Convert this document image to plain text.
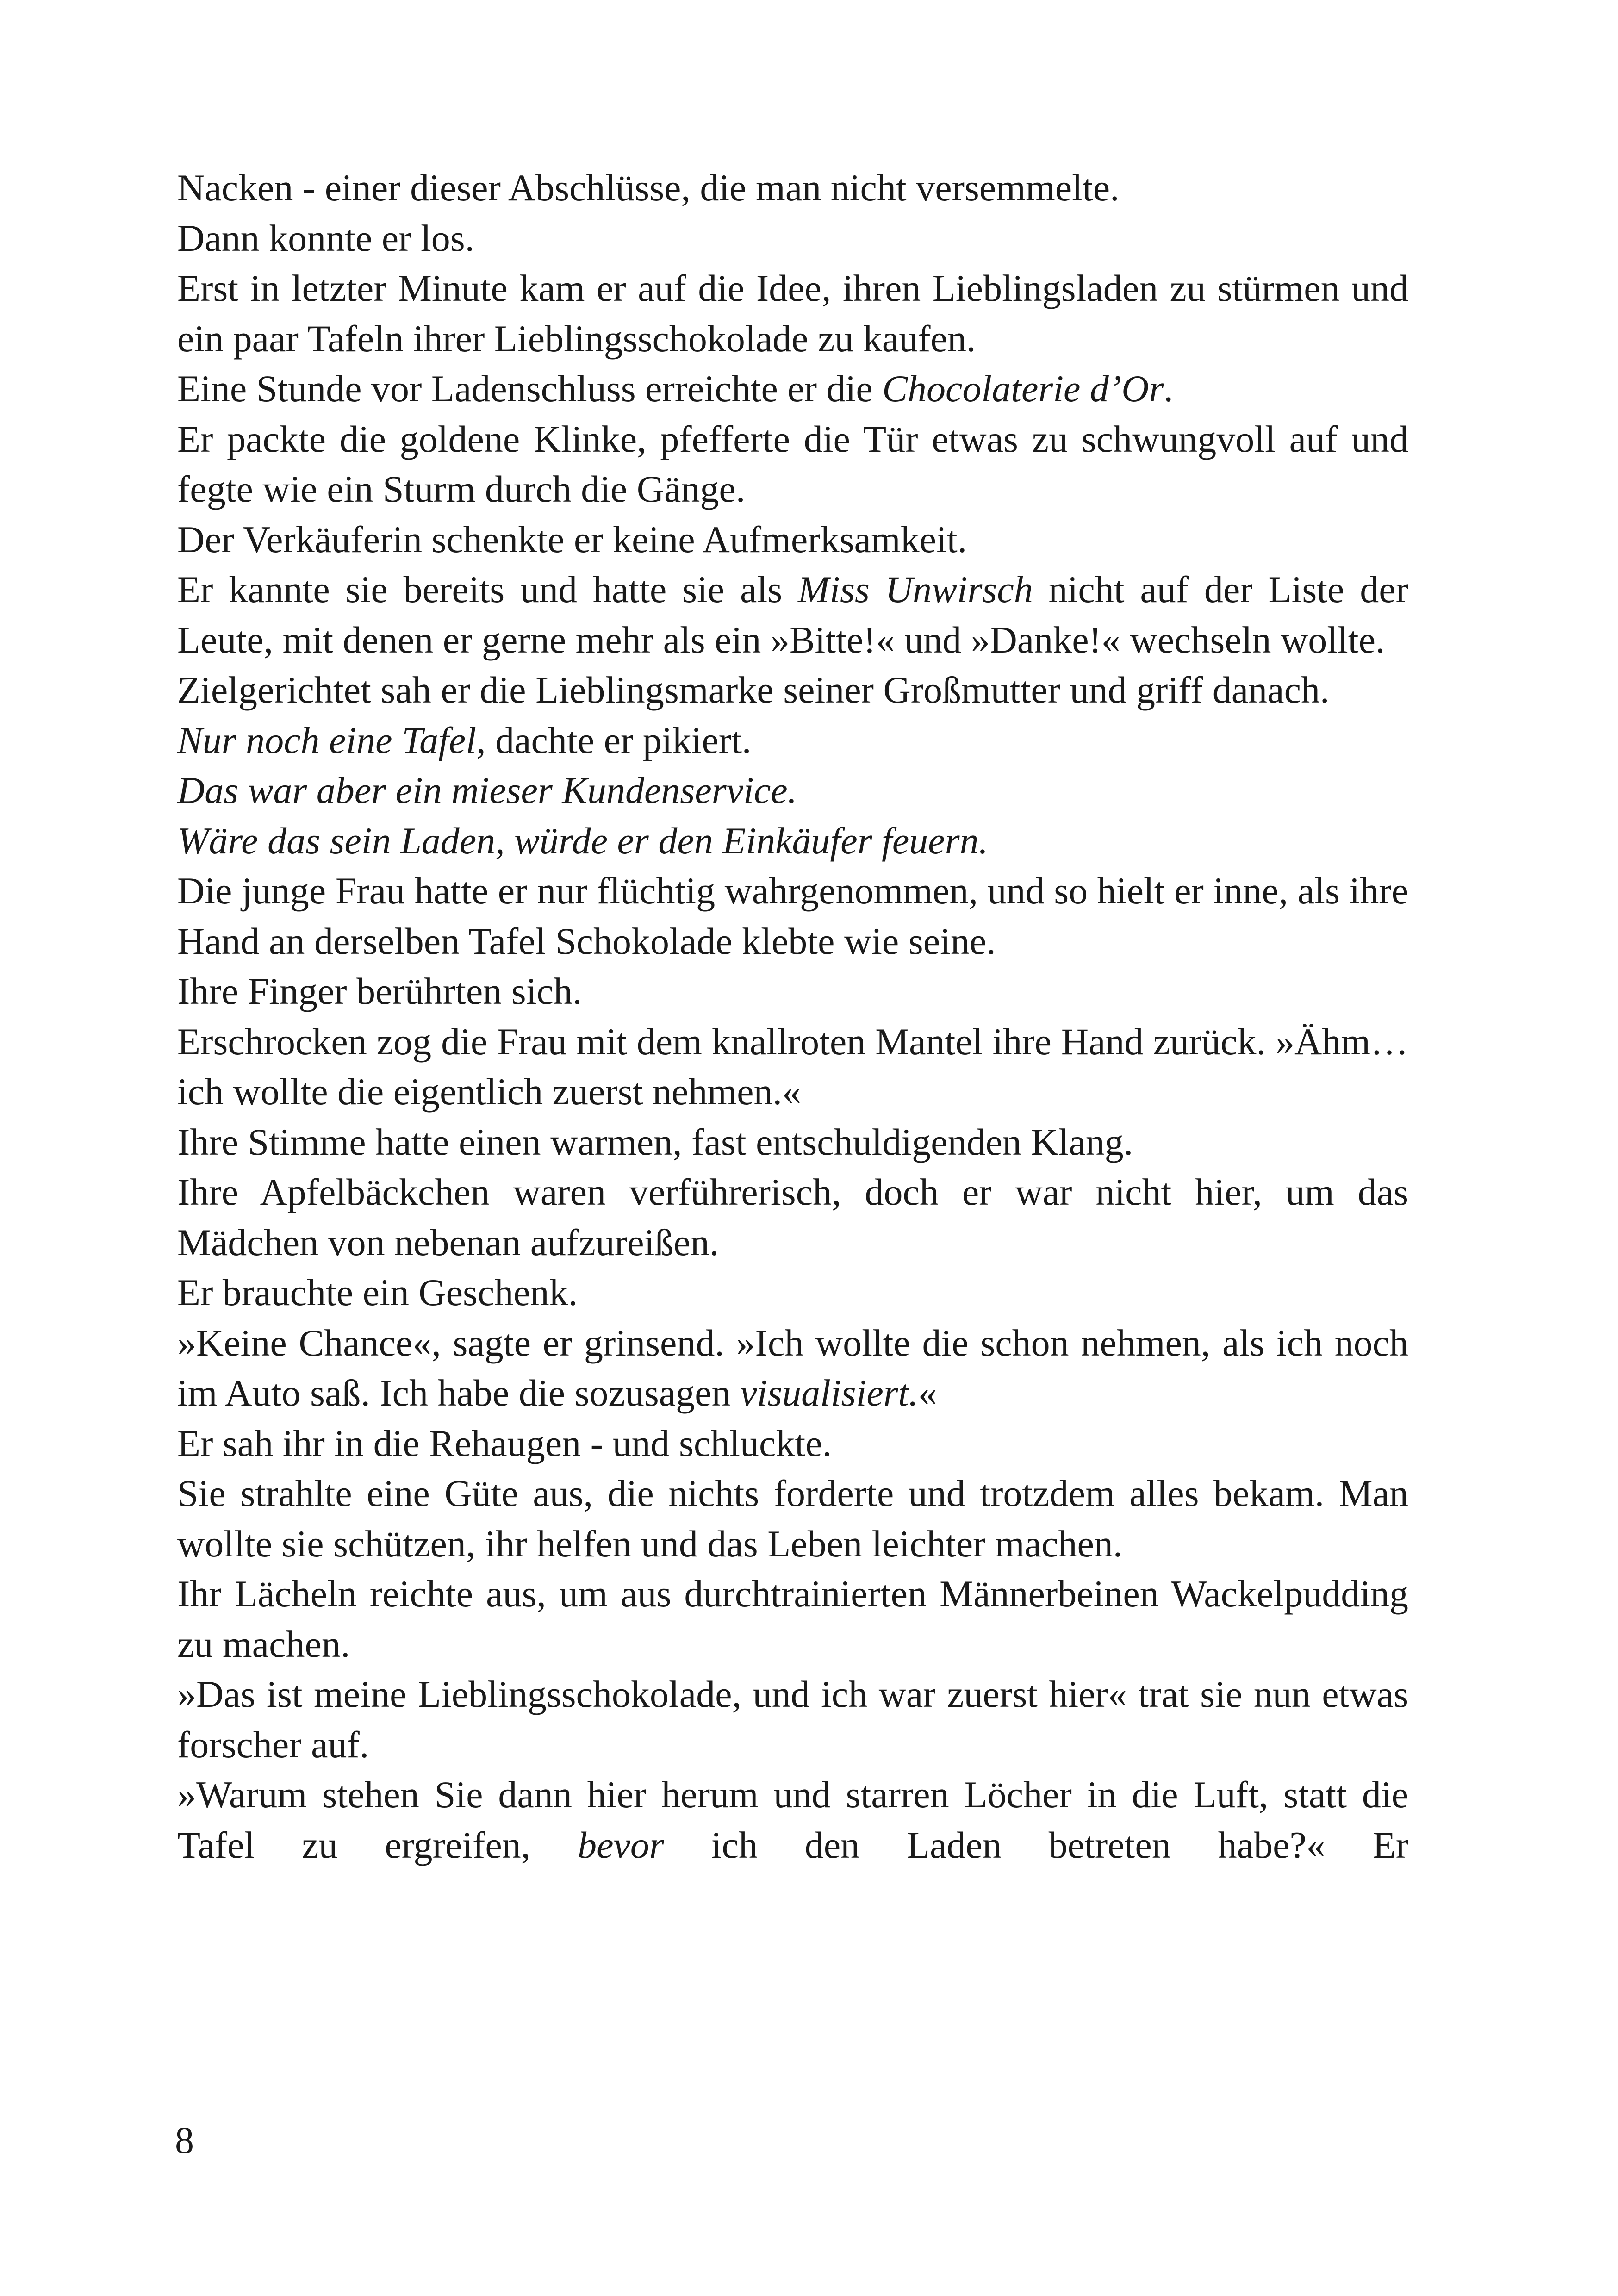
Nacken - einer dieser Abschlüsse, die man nicht versemmelte.

Dann konnte er los.

Erst in letzter Minute kam er auf die Idee, ihren Lieblingsladen zu stürmen und ein paar Tafeln ihrer Lieblingsschokolade zu kaufen.

Eine Stunde vor Ladenschluss erreichte er die Chocolaterie d’Or.

Er packte die goldene Klinke, pfefferte die Tür etwas zu schwungvoll auf und fegte wie ein Sturm durch die Gänge.

Der Verkäuferin schenkte er keine Aufmerksamkeit.

Er kannte sie bereits und hatte sie als Miss Unwirsch nicht auf der Liste der Leute, mit denen er gerne mehr als ein »Bitte!« und »Danke!« wechseln wollte.

Zielgerichtet sah er die Lieblingsmarke seiner Großmutter und griff danach.

Nur noch eine Tafel, dachte er pikiert.

Das war aber ein mieser Kundenservice.

Wäre das sein Laden, würde er den Einkäufer feuern.

Die junge Frau hatte er nur flüchtig wahrgenommen, und so hielt er inne, als ihre Hand an derselben Tafel Schokolade klebte wie seine.

Ihre Finger berührten sich.

Erschrocken zog die Frau mit dem knallroten Mantel ihre Hand zurück. »Ähm… ich wollte die eigentlich zuerst nehmen.«

Ihre Stimme hatte einen warmen, fast entschuldigenden Klang.

Ihre Apfelbäckchen waren verführerisch, doch er war nicht hier, um das Mädchen von nebenan aufzureißen.

Er brauchte ein Geschenk.

»Keine Chance«, sagte er grinsend. »Ich wollte die schon nehmen, als ich noch im Auto saß. Ich habe die sozusagen visualisiert.«

Er sah ihr in die Rehaugen - und schluckte.

Sie strahlte eine Güte aus, die nichts forderte und trotzdem alles bekam. Man wollte sie schützen, ihr helfen und das Leben leichter machen.

Ihr Lächeln reichte aus, um aus durchtrainierten Männerbeinen Wackelpudding zu machen.

»Das ist meine Lieblingsschokolade, und ich war zuerst hier« trat sie nun etwas forscher auf.

»Warum stehen Sie dann hier herum und starren Löcher in die Luft, statt die Tafel zu ergreifen, bevor ich den Laden betreten habe?« Er

8
